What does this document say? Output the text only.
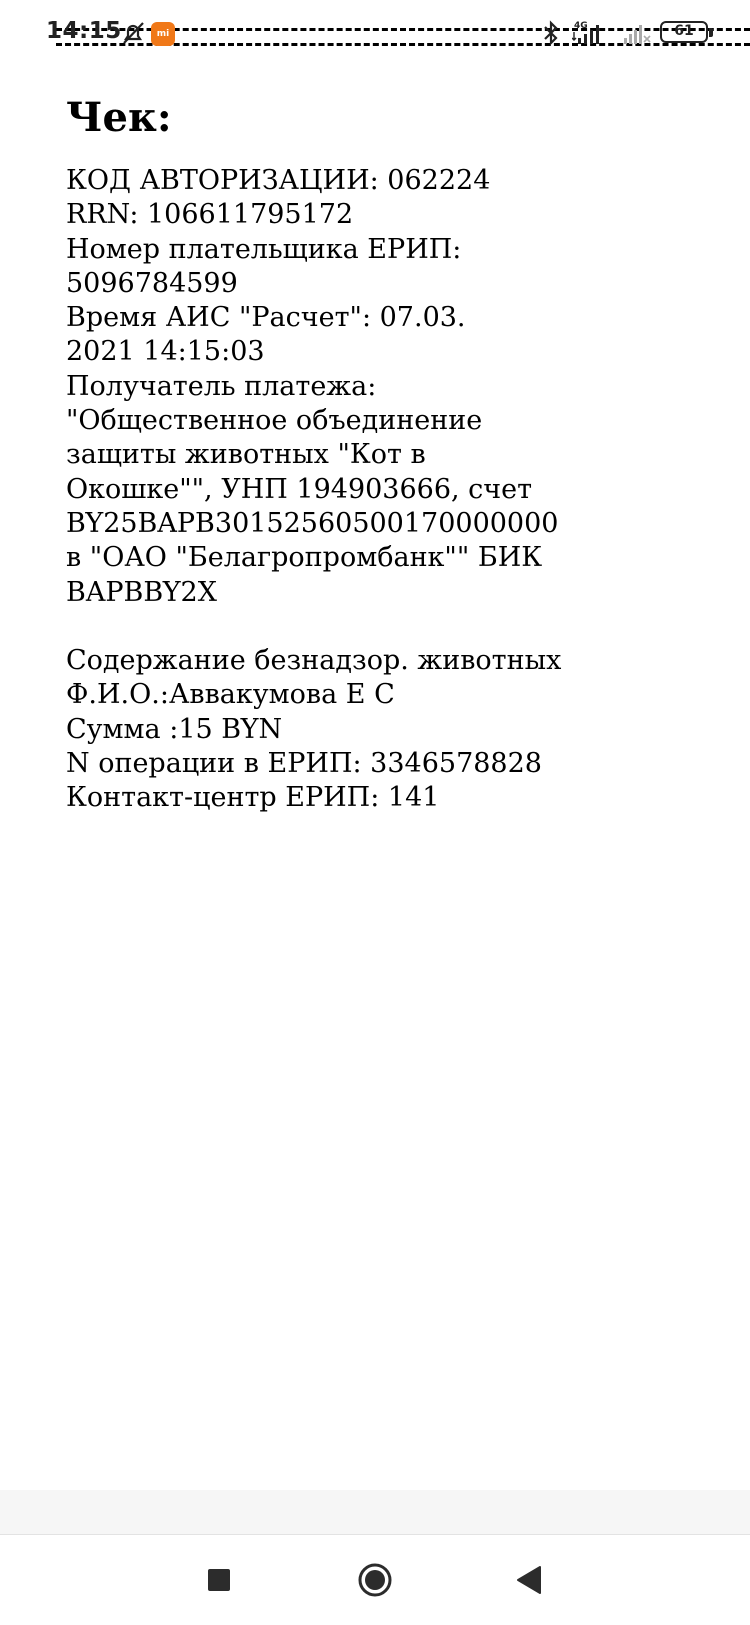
14:15	mi
4G	61
Чек:
КОД АВТОРИЗАЦИИ: 062224
RRN: 106611795172
Номер плательщика ЕРИП:
5096784599
Время АИС "Расчет": 07.03.
2021 14:15:03
Получатель платежа:
"Общественное объединение
защиты животных "Кот в
Окошке"", УНП 194903666, счет
BY25BAPB30152560500170000000
в "ОАО "Белагропромбанк"" БИК
BAPBBY2X
Содержание безнадзор. животных
Ф.И.О.:Аввакумова Е С
Сумма :15 BYN
N операции в ЕРИП: 3346578828
Контакт-центр ЕРИП: 141
